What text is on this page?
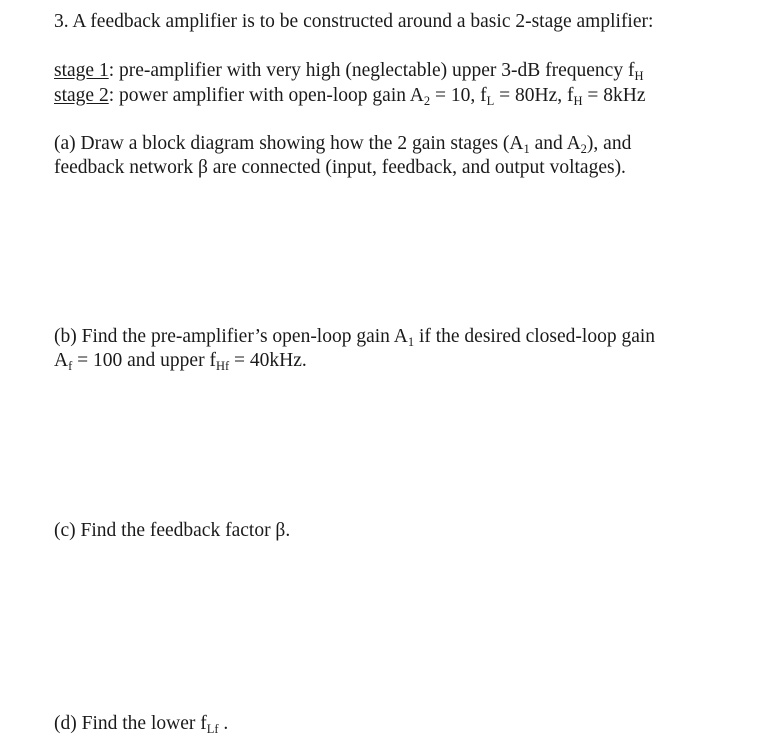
3. A feedback amplifier is to be constructed around a basic 2-stage amplifier:
stage 1: pre-amplifier with very high (neglectable) upper 3-dB frequency $f_H$
stage 2: power amplifier with open-loop gain $A_2 = 10$, $f_L = 80Hz$, $f_H = 8kHz$
(a) Draw a block diagram showing how the 2 gain stages ($A_1$ and $A_2$), and
feedback network β are connected (input, feedback, and output voltages).
(b) Find the pre-amplifier’s open-loop gain $A_1$ if the desired closed-loop gain
$A_f = 100$ and upper $f_{Hf} = 40kHz$.
(c) Find the feedback factor β.
(d) Find the lower $f_{Lf}$ .
